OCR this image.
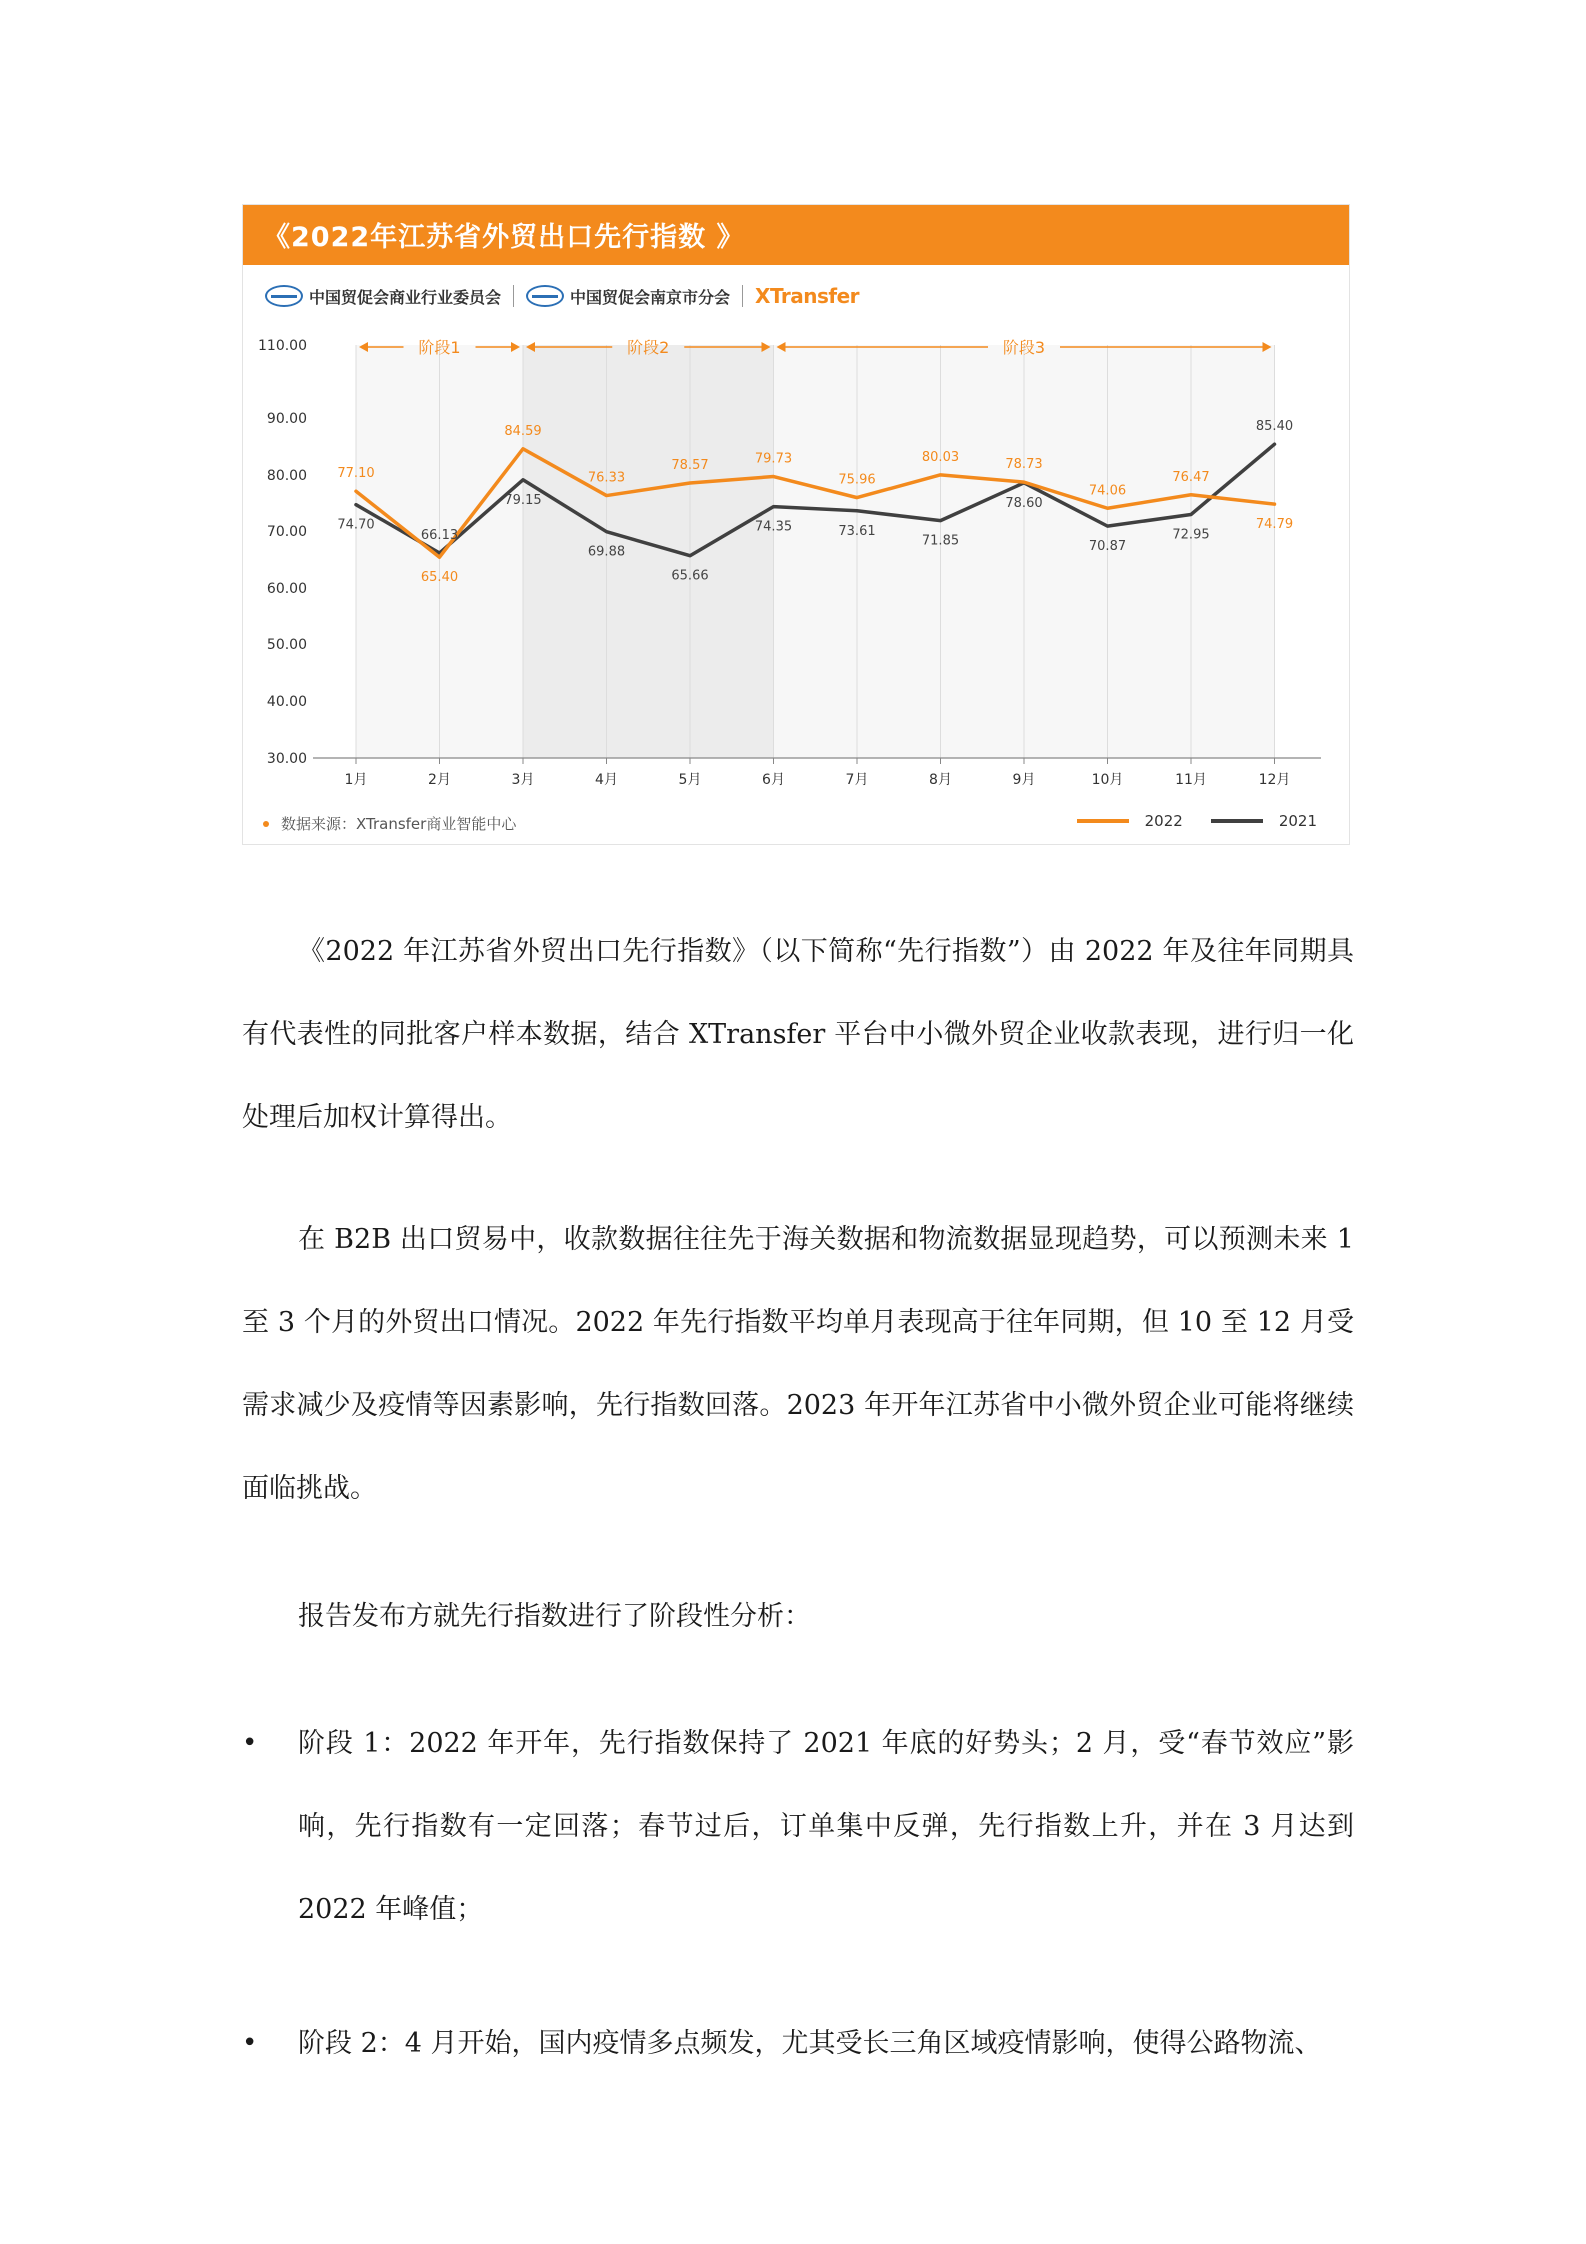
《2022年江苏省外贸出口先行指数 》
中国贸促会商业行业委员会	中国贸促会南京市分会 XTransfer
30.00
40.00
50.00
60.00
70.00
80.00
90.00
110.00
1月	2月	3月	4月	5月	6月	7月	8月	9月	10月	11月	12月
阶段1	阶段2	阶段3
77.10
74.70
65.40
66.13
84.59
79.15
76.33
69.88
78.57
65.66
79.73
74.35
75.96
73.61
80.03
71.85
78.73
78.60
74.06
70.87
76.47
72.95
74.79
85.40
数据来源：XTransfer商业智能中心	2022	2021

《2022 年江苏省外贸出口先行指数》（以下简称“先行指数”）由 2022 年及往年同期具有代表性的同批客户样本数据，结合 XTransfer 平台中小微外贸企业收款表现，进行归一化处理后加权计算得出。

在 B2B 出口贸易中，收款数据往往先于海关数据和物流数据显现趋势，可以预测未来 1 至 3 个月的外贸出口情况。2022 年先行指数平均单月表现高于往年同期，但 10 至 12 月受需求减少及疫情等因素影响，先行指数回落。2023 年开年江苏省中小微外贸企业可能将继续面临挑战。

报告发布方就先行指数进行了阶段性分析：

• 阶段 1：2022 年开年，先行指数保持了 2021 年底的好势头；2 月，受“春节效应”影响，先行指数有一定回落；春节过后，订单集中反弹，先行指数上升，并在 3 月达到 2022 年峰值；

• 阶段 2：4 月开始，国内疫情多点频发，尤其受长三角区域疫情影响，使得公路物流、
